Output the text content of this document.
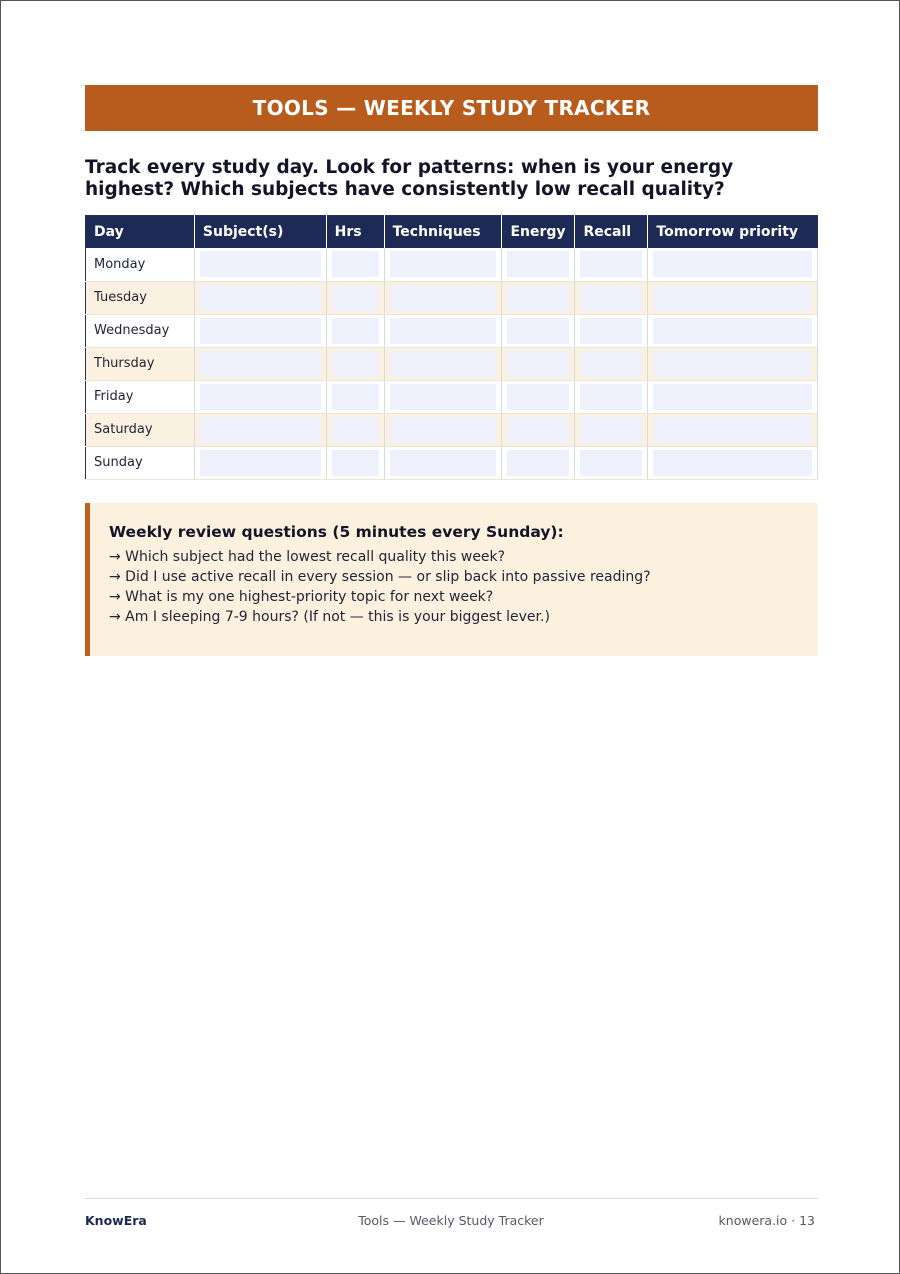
TOOLS — WEEKLY STUDY TRACKER
Track every study day. Look for patterns: when is your energy highest? Which subjects have consistently low recall quality?
Day	Subject(s)	Hrs	Techniques	Energy	Recall	Tomorrow priority
Monday	

Tuesday	

Wednesday	

Thursday	

Friday	

Saturday	

Sunday	

Weekly review questions (5 minutes every Sunday):
→ Which subject had the lowest recall quality this week?
→ Did I use active recall in every session — or slip back into passive reading?
→ What is my one highest-priority topic for next week?
→ Am I sleeping 7-9 hours? (If not — this is your biggest lever.)
KnowEra	Tools — Weekly Study Tracker	knowera.io · 13
